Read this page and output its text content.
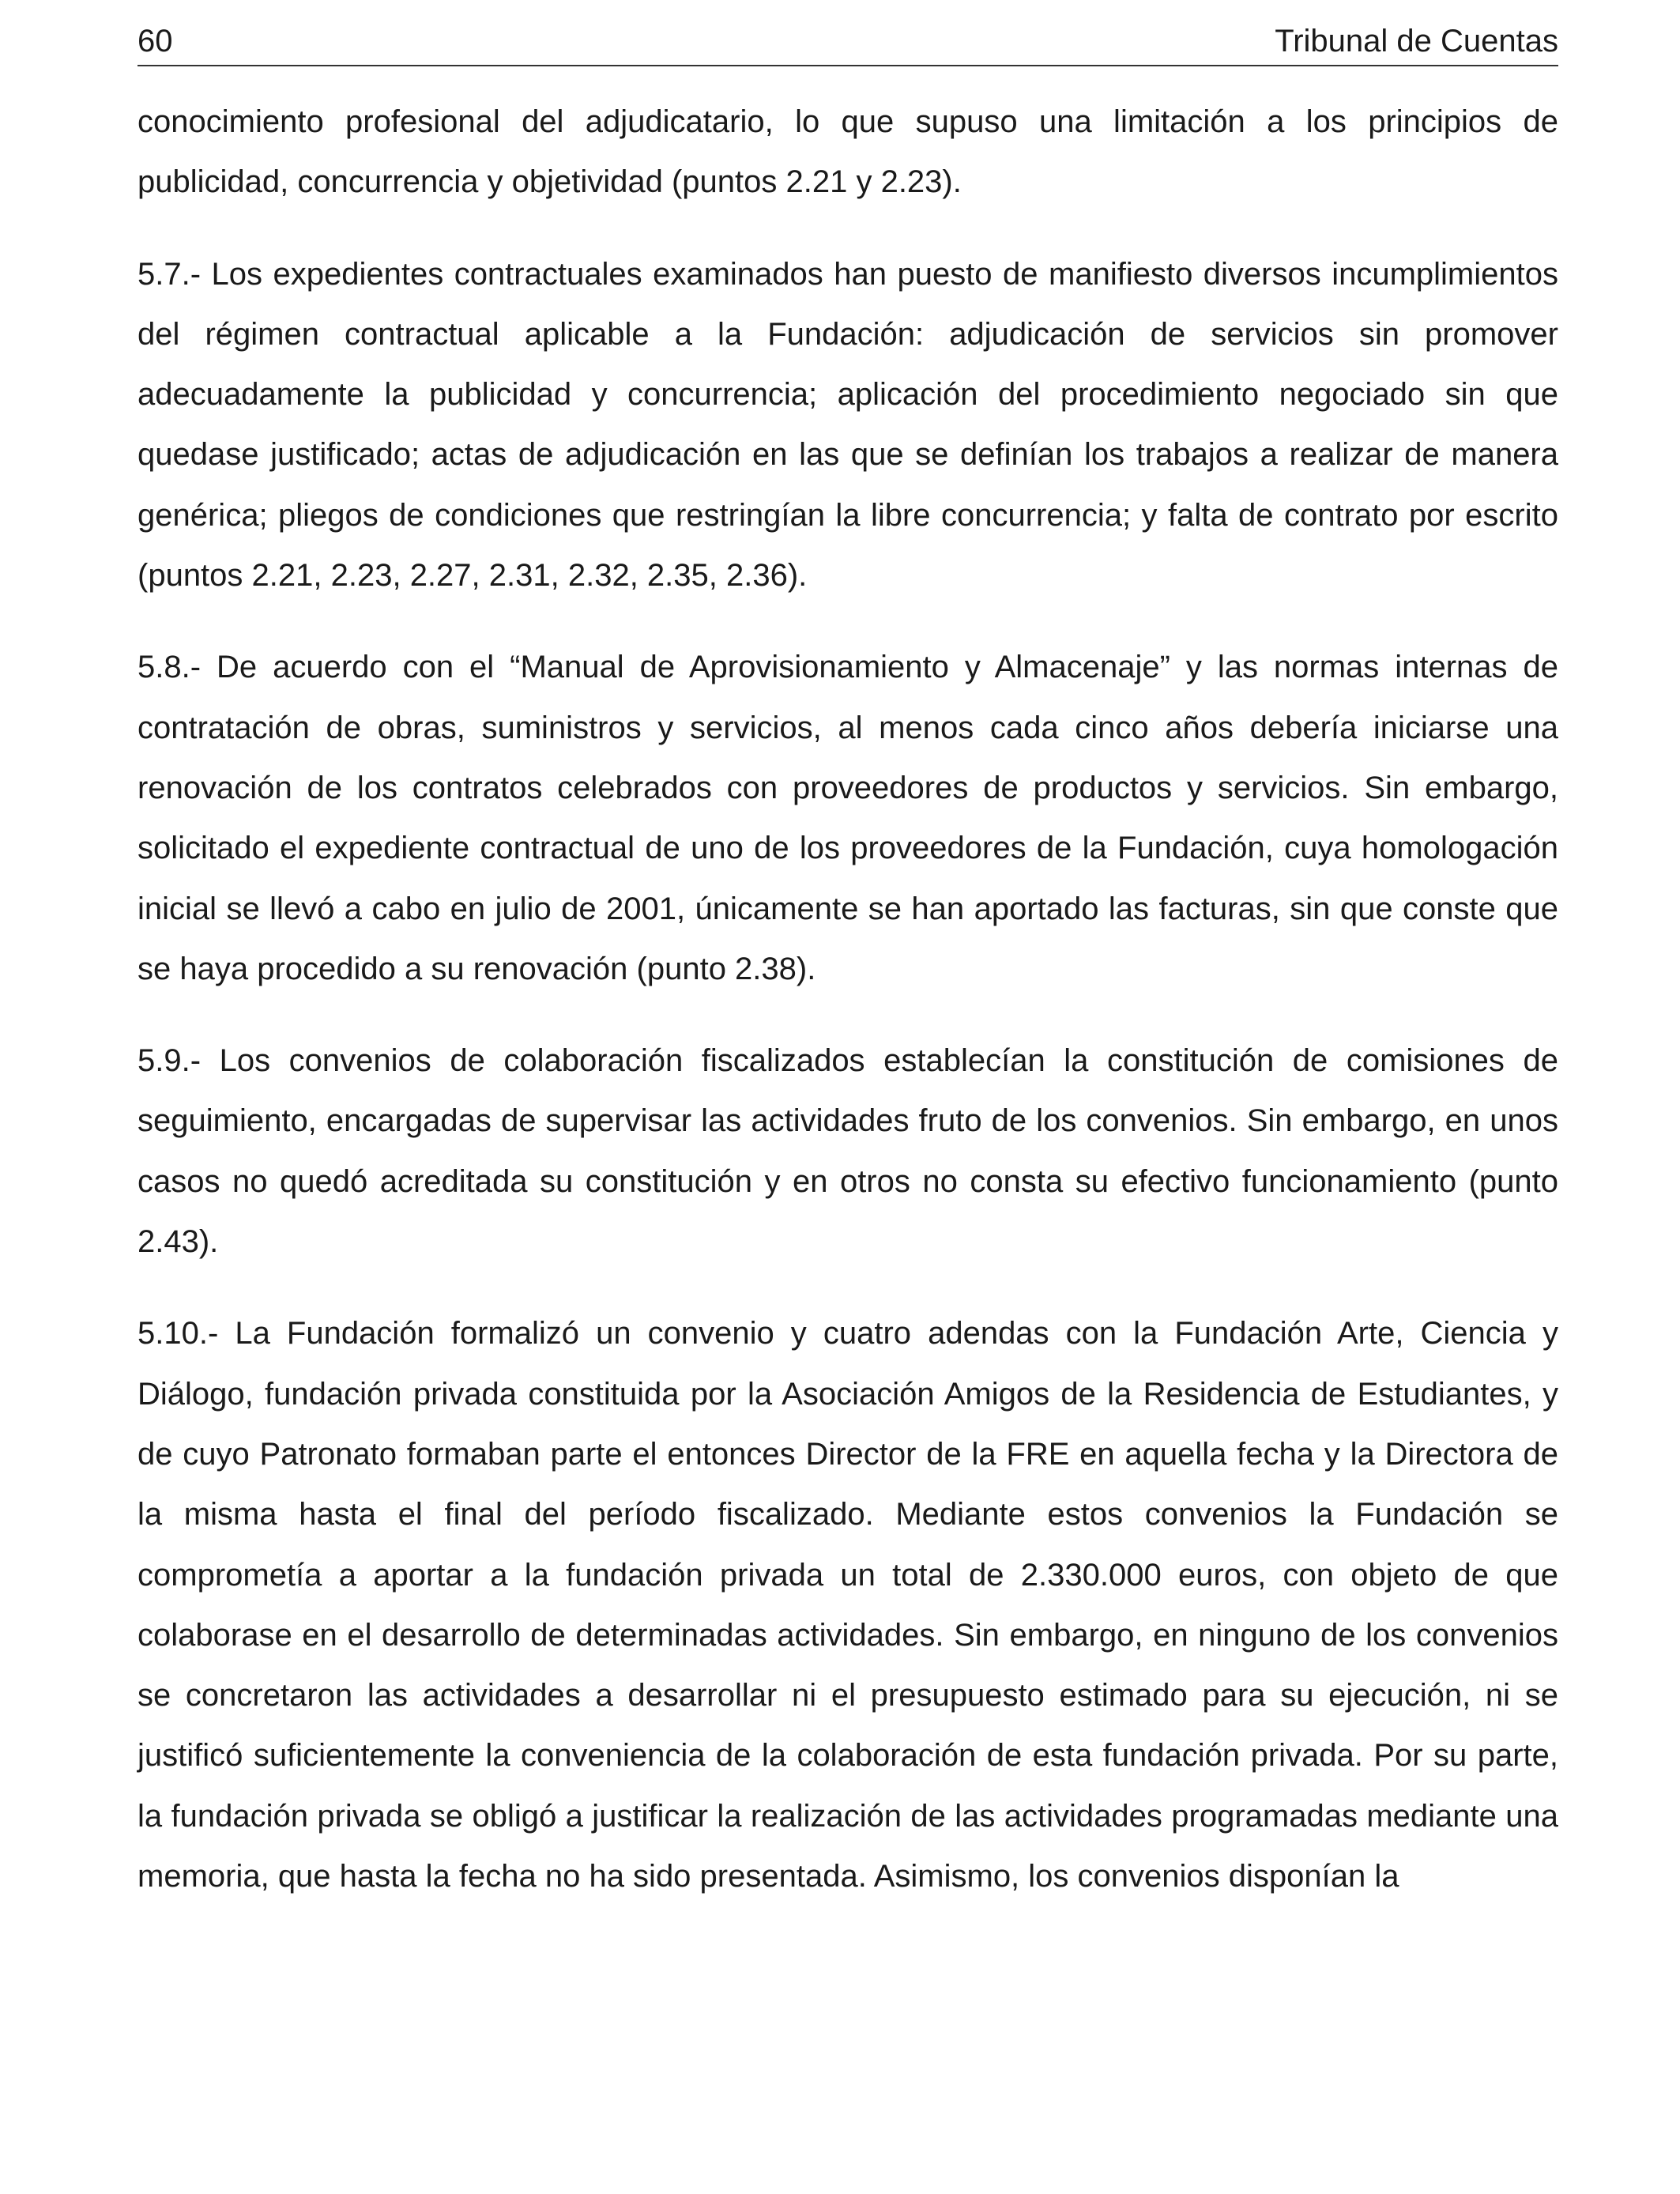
60	Tribunal de Cuentas

conocimiento profesional del adjudicatario, lo que supuso una limitación a los principios de publicidad, concurrencia y objetividad (puntos 2.21 y 2.23).

5.7.- Los expedientes contractuales examinados han puesto de manifiesto diversos incumplimientos del régimen contractual aplicable a la Fundación: adjudicación de servicios sin promover adecuadamente la publicidad y concurrencia; aplicación del procedimiento negociado sin que quedase justificado; actas de adjudicación en las que se definían los trabajos a realizar de manera genérica; pliegos de condiciones que restringían la libre concurrencia; y falta de contrato por escrito (puntos 2.21, 2.23, 2.27, 2.31, 2.32, 2.35, 2.36).

5.8.- De acuerdo con el “Manual de Aprovisionamiento y Almacenaje” y las normas internas de contratación de obras, suministros y servicios, al menos cada cinco años debería iniciarse una renovación de los contratos celebrados con proveedores de productos y servicios. Sin embargo, solicitado el expediente contractual de uno de los proveedores de la Fundación, cuya homologación inicial se llevó a cabo en julio de 2001, únicamente se han aportado las facturas, sin que conste que se haya procedido a su renovación (punto 2.38).

5.9.- Los convenios de colaboración fiscalizados establecían la constitución de comisiones de seguimiento, encargadas de supervisar las actividades fruto de los convenios. Sin embargo, en unos casos no quedó acreditada su constitución y en otros no consta su efectivo funcionamiento (punto 2.43).

5.10.- La Fundación formalizó un convenio y cuatro adendas con la Fundación Arte, Ciencia y Diálogo, fundación privada constituida por la Asociación Amigos de la Residencia de Estudiantes, y de cuyo Patronato formaban parte el entonces Director de la FRE en aquella fecha y la Directora de la misma hasta el final del período fiscalizado. Mediante estos convenios la Fundación se comprometía a aportar a la fundación privada un total de 2.330.000 euros, con objeto de que colaborase en el desarrollo de determinadas actividades. Sin embargo, en ninguno de los convenios se concretaron las actividades a desarrollar ni el presupuesto estimado para su ejecución, ni se justificó suficientemente la conveniencia de la colaboración de esta fundación privada. Por su parte, la fundación privada se obligó a justificar la realización de las actividades programadas mediante una memoria, que hasta la fecha no ha sido presentada. Asimismo, los convenios disponían la
